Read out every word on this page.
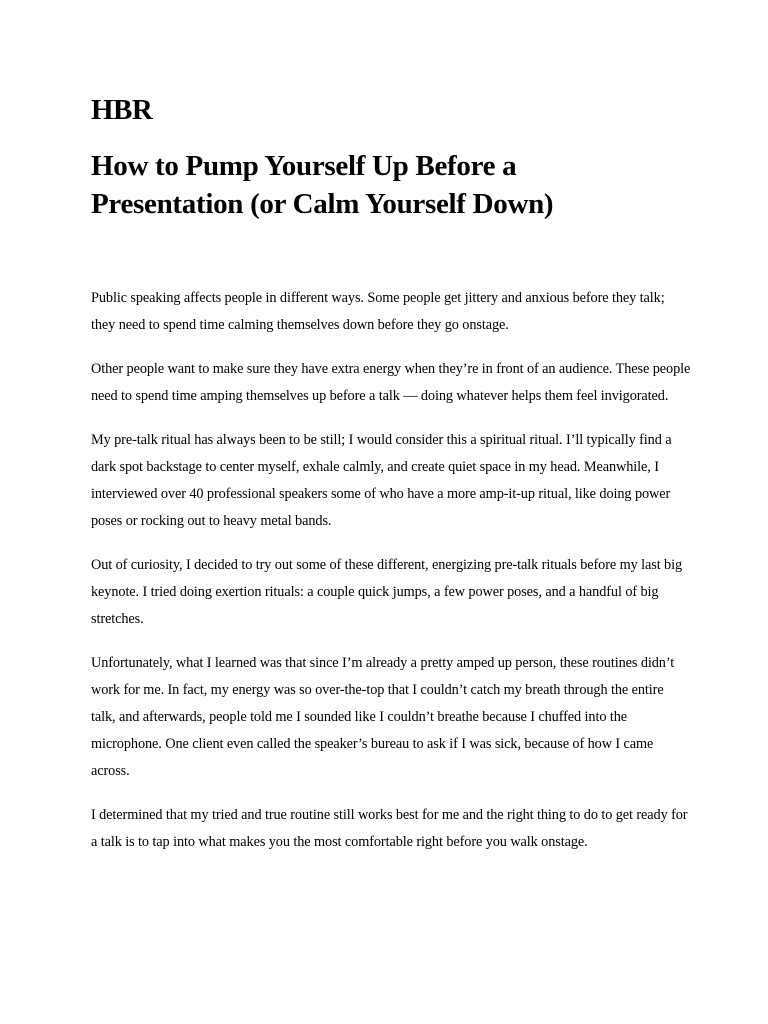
HBR
How to Pump Yourself Up Before a Presentation (or Calm Yourself Down)

Public speaking affects people in different ways. Some people get jittery and anxious before they talk; they need to spend time calming themselves down before they go onstage.

Other people want to make sure they have extra energy when they’re in front of an audience. These people need to spend time amping themselves up before a talk — doing whatever helps them feel invigorated.

My pre-talk ritual has always been to be still; I would consider this a spiritual ritual. I’ll typically find a dark spot backstage to center myself, exhale calmly, and create quiet space in my head. Meanwhile, I interviewed over 40 professional speakers some of who have a more amp-it-up ritual, like doing power poses or rocking out to heavy metal bands.

Out of curiosity, I decided to try out some of these different, energizing pre-talk rituals before my last big keynote. I tried doing exertion rituals: a couple quick jumps, a few power poses, and a handful of big stretches.

Unfortunately, what I learned was that since I’m already a pretty amped up person, these routines didn’t work for me. In fact, my energy was so over-the-top that I couldn’t catch my breath through the entire talk, and afterwards, people told me I sounded like I couldn’t breathe because I chuffed into the microphone. One client even called the speaker’s bureau to ask if I was sick, because of how I came across.

I determined that my tried and true routine still works best for me and the right thing to do to get ready for a talk is to tap into what makes you the most comfortable right before you walk onstage.
